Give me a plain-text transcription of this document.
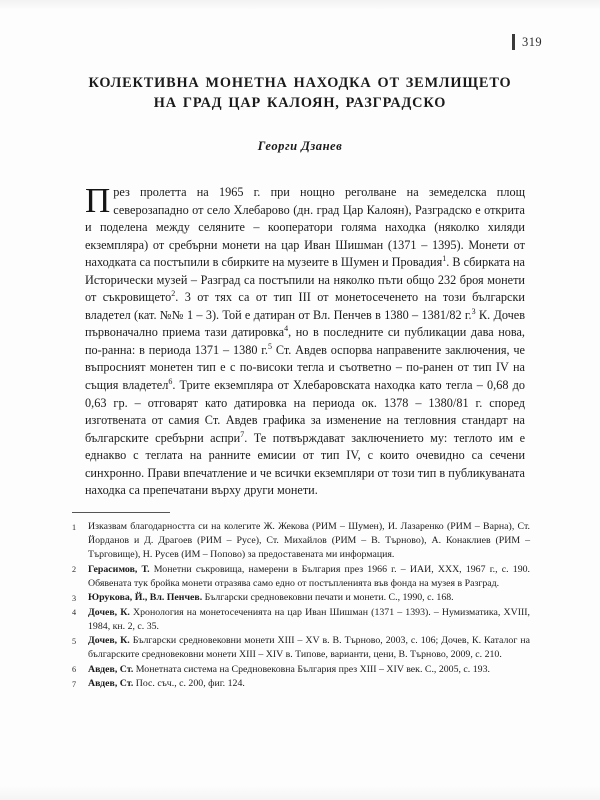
319
КОЛЕКТИВНА МОНЕТНА НАХОДКА ОТ ЗЕМЛИЩЕТО
НА ГРАД ЦАР КАЛОЯН, РАЗГРАДСКО

Георги Дзанев

През пролетта на 1965 г. при нощно реголване на земеделска площ северозападно от село Хлебарово (дн. град Цар Калоян), Разградско е открита и поделена между селяните – кооператори голяма находка (няколко хиляди екземпляра) от сребърни монети на цар Иван Шишман (1371 – 1395). Монети от находката са постъпили в сбирките на музеите в Шумен и Провадия$^1$. В сбирката на Исторически музей – Разград са постъпили на няколко пъти общо 232 броя монети от съкровището$^2$. 3 от тях са от тип III от монетосеченето на този български владетел (кат. №№ 1 – 3). Той е датиран от Вл. Пенчев в 1380 – 1381/82 г.$^3$ К. Дочев първоначално приема тази датировка$^4$, но в последните си публикации дава нова, по-ранна: в периода 1371 – 1380 г.$^5$ Ст. Авдев оспорва направените заключения, че въпросният монетен тип е с по-високи тегла и съответно – по-ранен от тип IV на същия владетел$^6$. Трите екземпляра от Хлебаровската находка като тегла – 0,68 до 0,63 гр. – отговарят като датировка на периода ок. 1378 – 1380/81 г. според изготвената от самия Ст. Авдев графика за изменение на тегловния стандарт на българските сребърни аспри$^7$. Те потвърждават заключението му: теглото им е еднакво с теглата на ранните емисии от тип IV, с които очевидно са сечени синхронно. Прави впечатление и че всички екземпляри от този тип в публикуваната находка са препечатани върху други монети.

1	Изказвам благодарността си на колегите Ж. Жекова (РИМ – Шумен), И. Лазаренко (РИМ – Варна), Ст. Йорданов и Д. Драгоев (РИМ – Русе), Ст. Михайлов (РИМ – В. Търново), А. Конаклиев (РИМ – Търговище), Н. Русев (ИМ – Попово) за предоставената ми информация.
2	Герасимов, Т. Монетни съкровища, намерени в България през 1966 г. – ИАИ, XXX, 1967 г., с. 190. Обявената тук бройка монети отразява само едно от постъпленията във фонда на музея в Разград.
3	Юрукова, Й., Вл. Пенчев. Български средновековни печати и монети. С., 1990, с. 168.
4	Дочев, К. Хронология на монетосеченията на цар Иван Шишман (1371 – 1393). – Нумизматика, XVIII, 1984, кн. 2, с. 35.
5	Дочев, К. Български средновековни монети XIII – XV в. В. Търново, 2003, с. 106; Дочев, К. Каталог на българските средновековни монети XIII – XIV в. Типове, варианти, цени, В. Търново, 2009, с. 210.
6	Авдев, Ст. Монетната система на Средновековна България през XIII – XIV век. С., 2005, с. 193.
7	Авдев, Ст. Пос. съч., с. 200, фиг. 124.
